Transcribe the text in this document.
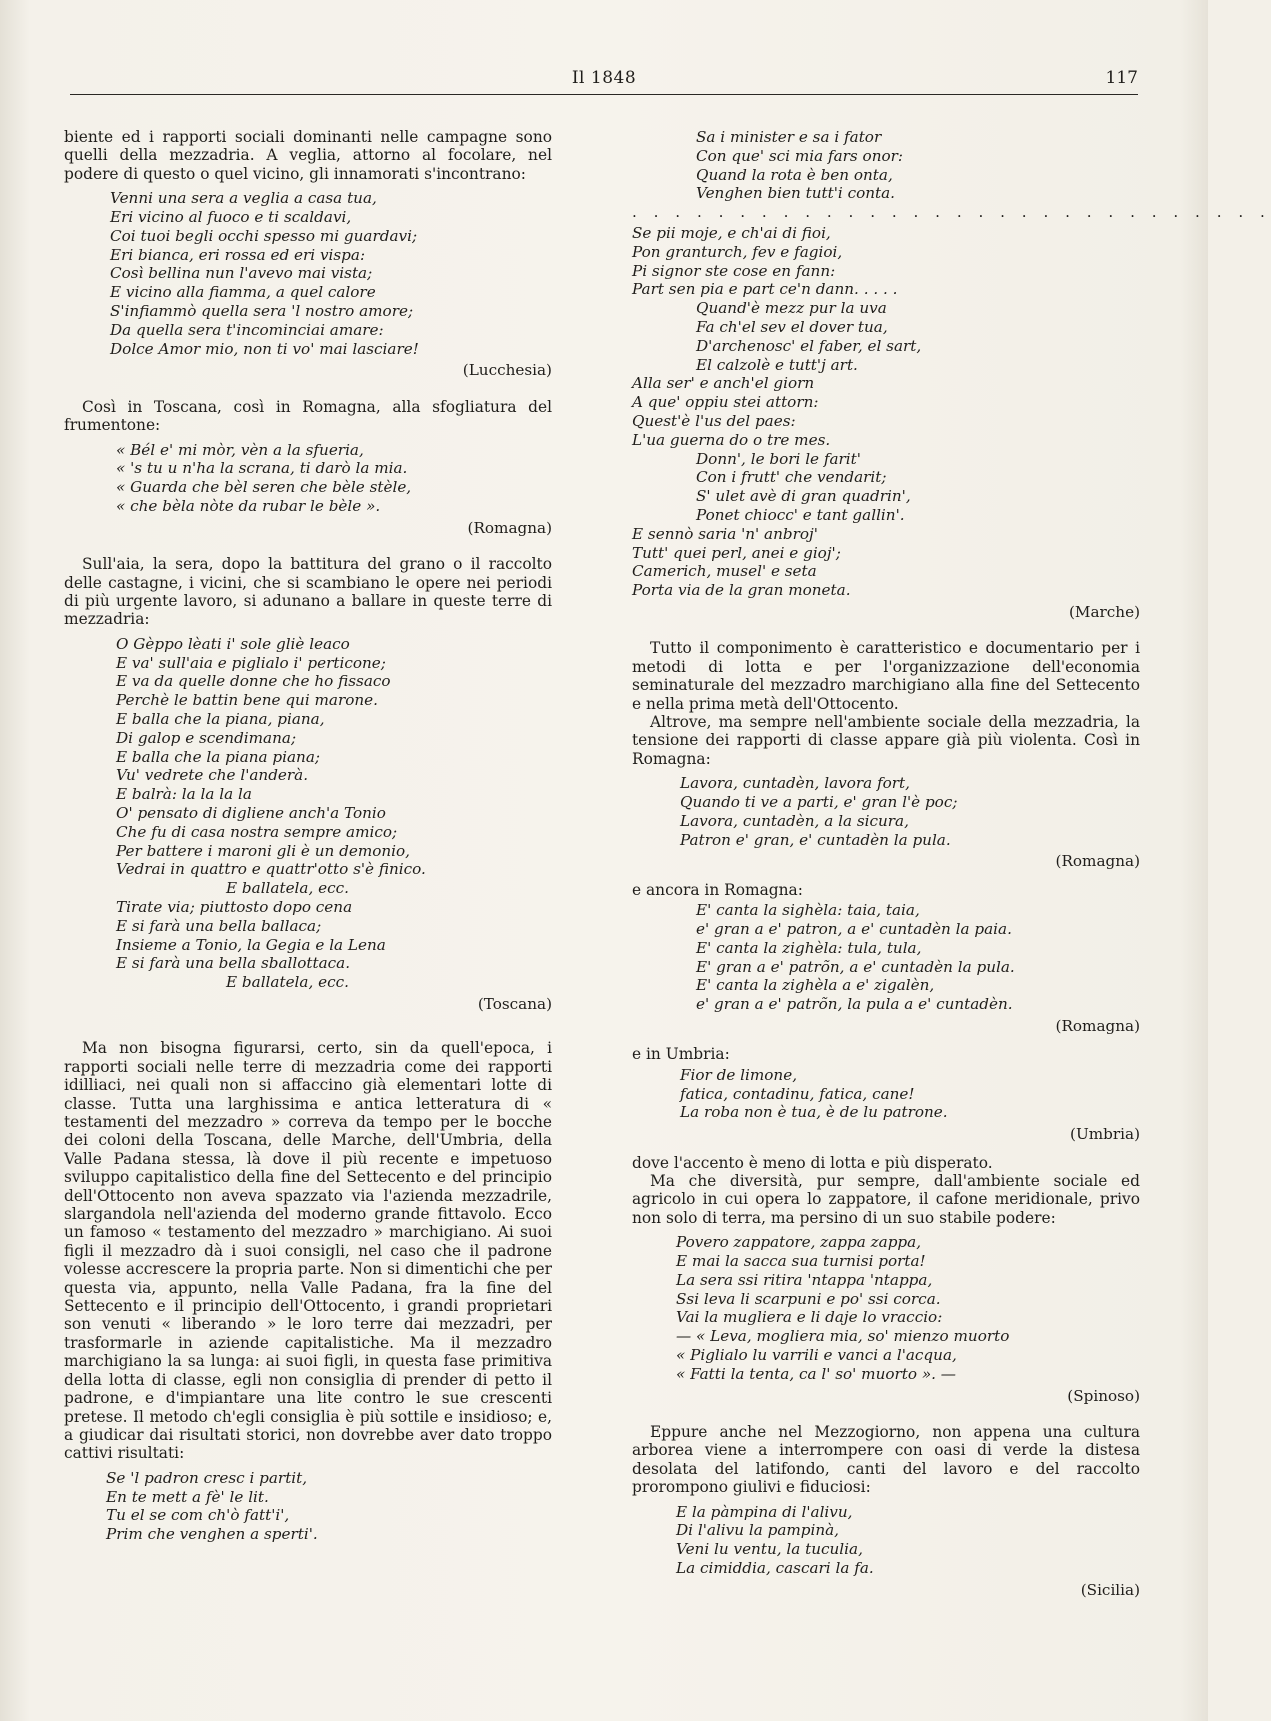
Il 1848	117

biente ed i rapporti sociali dominanti nelle campagne sono quelli della mezzadria. A veglia, attorno al focolare, nel podere di questo o quel vicino, gli innamorati s'incontrano:

Venni una sera a veglia a casa tua,
Eri vicino al fuoco e ti scaldavi,
Coi tuoi begli occhi spesso mi guardavi;
Eri bianca, eri rossa ed eri vispa:
Così bellina nun l'avevo mai vista;
E vicino alla fiamma, a quel calore
S'infiammò quella sera 'l nostro amore;
Da quella sera t'incominciai amare:
Dolce Amor mio, non ti vo' mai lasciare!
(Lucchesia)

Così in Toscana, così in Romagna, alla sfogliatura del frumentone:

« Bél e' mi mòr, vèn a la sfueria,
« 's tu u n'ha la scrana, ti darò la mia.
« Guarda che bèl seren che bèle stèle,
« che bèla nòte da rubar le bèle ».
(Romagna)

Sull'aia, la sera, dopo la battitura del grano o il raccolto delle castagne, i vicini, che si scambiano le opere nei periodi di più urgente lavoro, si adunano a ballare in queste terre di mezzadria:

O Gèppo lèati i' sole gliè leaco
E va' sull'aia e piglialo i' perticone;
E va da quelle donne che ho fissaco
Perchè le battin bene qui marone.
E balla che la piana, piana,
Di galop e scendimana;
E balla che la piana piana;
Vu' vedrete che l'anderà.
E balrà: la la la la
O' pensato di digliene anch'a Tonio
Che fu di casa nostra sempre amico;
Per battere i maroni gli è un demonio,
Vedrai in quattro e quattr'otto s'è finico.
E ballatela, ecc.
Tirate via; piuttosto dopo cena
E si farà una bella ballaca;
Insieme a Tonio, la Gegia e la Lena
E si farà una bella sballottaca.
E ballatela, ecc.
(Toscana)

Ma non bisogna figurarsi, certo, sin da quell'epoca, i rapporti sociali nelle terre di mezzadria come dei rapporti idilliaci, nei quali non si affaccino già elementari lotte di classe. Tutta una larghissima e antica letteratura di « testamenti del mezzadro » correva da tempo per le bocche dei coloni della Toscana, delle Marche, dell'Umbria, della Valle Padana stessa, là dove il più recente e impetuoso sviluppo capitalistico della fine del Settecento e del principio dell'Ottocento non aveva spazzato via l'azienda mezzadrile, slargandola nell'azienda del moderno grande fittavolo. Ecco un famoso « testamento del mezzadro » marchigiano. Ai suoi figli il mezzadro dà i suoi consigli, nel caso che il padrone volesse accrescere la propria parte. Non si dimentichi che per questa via, appunto, nella Valle Padana, fra la fine del Settecento e il principio dell'Ottocento, i grandi proprietari son venuti « liberando » le loro terre dai mezzadri, per trasformarle in aziende capitalistiche. Ma il mezzadro marchigiano la sa lunga: ai suoi figli, in questa fase primitiva della lotta di classe, egli non consiglia di prender di petto il padrone, e d'impiantare una lite contro le sue crescenti pretese. Il metodo ch'egli consiglia è più sottile e insidioso; e, a giudicar dai risultati storici, non dovrebbe aver dato troppo cattivi risultati:

Se 'l padron cresc i partit,
En te mett a fè' le lit.
Tu el se com ch'ò fatt'i',
Prim che venghen a sperti'.
Sa i minister e sa i fator
Con que' sci mia fars onor:
Quand la rota è ben onta,
Venghen bien tutt'i conta.
. . . . . . . . . . . . . . . . . . . . . . . . . . . . . .
Se pii moje, e ch'ai di fioi,
Pon granturch, fev e fagioi,
Pi signor ste cose en fann:
Part sen pia e part ce'n dann. . . . .
Quand'è mezz pur la uva
Fa ch'el sev el dover tua,
D'archenosc' el faber, el sart,
El calzolè e tutt'j art.
Alla ser' e anch'el giorn
A que' oppiu stei attorn:
Quest'è l'us del paes:
L'ua guerna do o tre mes.
Donn', le bori le farit'
Con i frutt' che vendarit;
S' ulet avè di gran quadrin',
Ponet chiocc' e tant gallin'.
E sennò saria 'n' anbroj'
Tutt' quei perl, anei e gioj';
Camerich, musel' e seta
Porta via de la gran moneta.
(Marche)

Tutto il componimento è caratteristico e documentario per i metodi di lotta e per l'organizzazione dell'economia seminaturale del mezzadro marchigiano alla fine del Settecento e nella prima metà dell'Ottocento.

Altrove, ma sempre nell'ambiente sociale della mezzadria, la tensione dei rapporti di classe appare già più violenta. Così in Romagna:

Lavora, cuntadèn, lavora fort,
Quando ti ve a parti, e' gran l'è poc;
Lavora, cuntadèn, a la sicura,
Patron e' gran, e' cuntadèn la pula.
(Romagna)

e ancora in Romagna:

E' canta la sighèla: taia, taia,
e' gran a e' patron, a e' cuntadèn la paia.
E' canta la zighèla: tula, tula,
E' gran a e' patrõn, a e' cuntadèn la pula.
E' canta la zighèla a e' zigalèn,
e' gran a e' patrõn, la pula a e' cuntadèn.
(Romagna)

e in Umbria:

Fior de limone,
fatica, contadinu, fatica, cane!
La roba non è tua, è de lu patrone.
(Umbria)

dove l'accento è meno di lotta e più disperato.

Ma che diversità, pur sempre, dall'ambiente sociale ed agricolo in cui opera lo zappatore, il cafone meridionale, privo non solo di terra, ma persino di un suo stabile podere:

Povero zappatore, zappa zappa,
E mai la sacca sua turnisi porta!
La sera ssi ritira 'ntappa 'ntappa,
Ssi leva li scarpuni e po' ssi corca.
Vai la mugliera e li daje lo vraccio:
— « Leva, mogliera mia, so' mienzo muorto
« Piglialo lu varrili e vanci a l'acqua,
« Fatti la tenta, ca l' so' muorto ». —
(Spinoso)

Eppure anche nel Mezzogiorno, non appena una cultura arborea viene a interrompere con oasi di verde la distesa desolata del latifondo, canti del lavoro e del raccolto prorompono giulivi e fiduciosi:

E la pàmpina di l'alivu,
Di l'alivu la pampinà,
Veni lu ventu, la tuculia,
La cimiddia, cascari la fa.
(Sicilia)
